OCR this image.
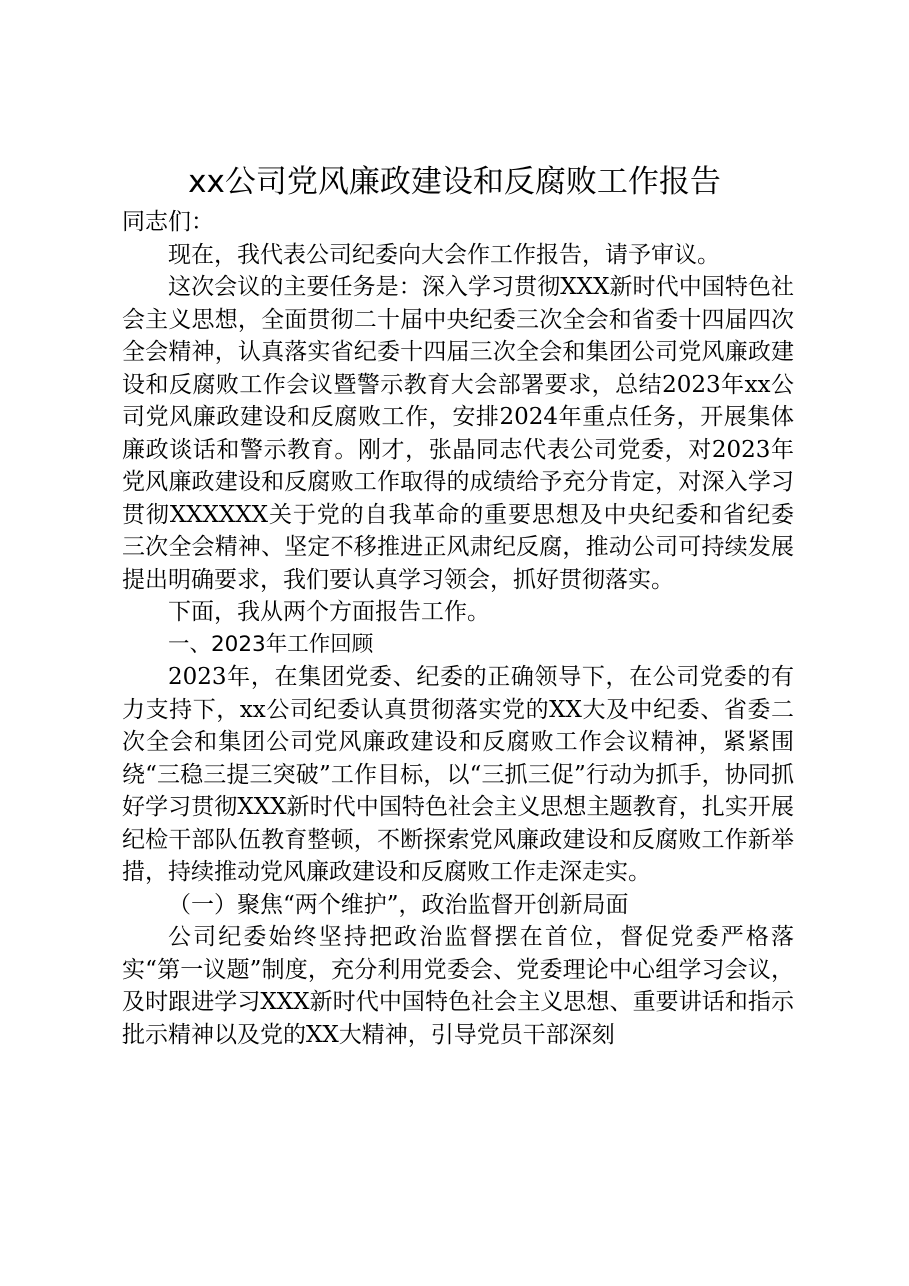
xx公司党风廉政建设和反腐败工作报告

同志们：

现在，我代表公司纪委向大会作工作报告，请予审议。

这次会议的主要任务是：深入学习贯彻XXX新时代中国特色社会主义思想，全面贯彻二十届中央纪委三次全会和省委十四届四次全会精神，认真落实省纪委十四届三次全会和集团公司党风廉政建设和反腐败工作会议暨警示教育大会部署要求，总结2023年xx公司党风廉政建设和反腐败工作，安排2024年重点任务，开展集体廉政谈话和警示教育。刚才，张晶同志代表公司党委，对2023年党风廉政建设和反腐败工作取得的成绩给予充分肯定，对深入学习贯彻XXXXXX关于党的自我革命的重要思想及中央纪委和省纪委三次全会精神、坚定不移推进正风肃纪反腐，推动公司可持续发展提出明确要求，我们要认真学习领会，抓好贯彻落实。

下面，我从两个方面报告工作。

一、2023年工作回顾

2023年，在集团党委、纪委的正确领导下，在公司党委的有力支持下，xx公司纪委认真贯彻落实党的XX大及中纪委、省委二次全会和集团公司党风廉政建设和反腐败工作会议精神，紧紧围绕“三稳三提三突破”工作目标，以“三抓三促”行动为抓手，协同抓好学习贯彻XXX新时代中国特色社会主义思想主题教育，扎实开展纪检干部队伍教育整顿，不断探索党风廉政建设和反腐败工作新举措，持续推动党风廉政建设和反腐败工作走深走实。

（一）聚焦“两个维护”，政治监督开创新局面

公司纪委始终坚持把政治监督摆在首位，督促党委严格落实“第一议题”制度，充分利用党委会、党委理论中心组学习会议，及时跟进学习XXX新时代中国特色社会主义思想、重要讲话和指示批示精神以及党的XX大精神，引导党员干部深刻
